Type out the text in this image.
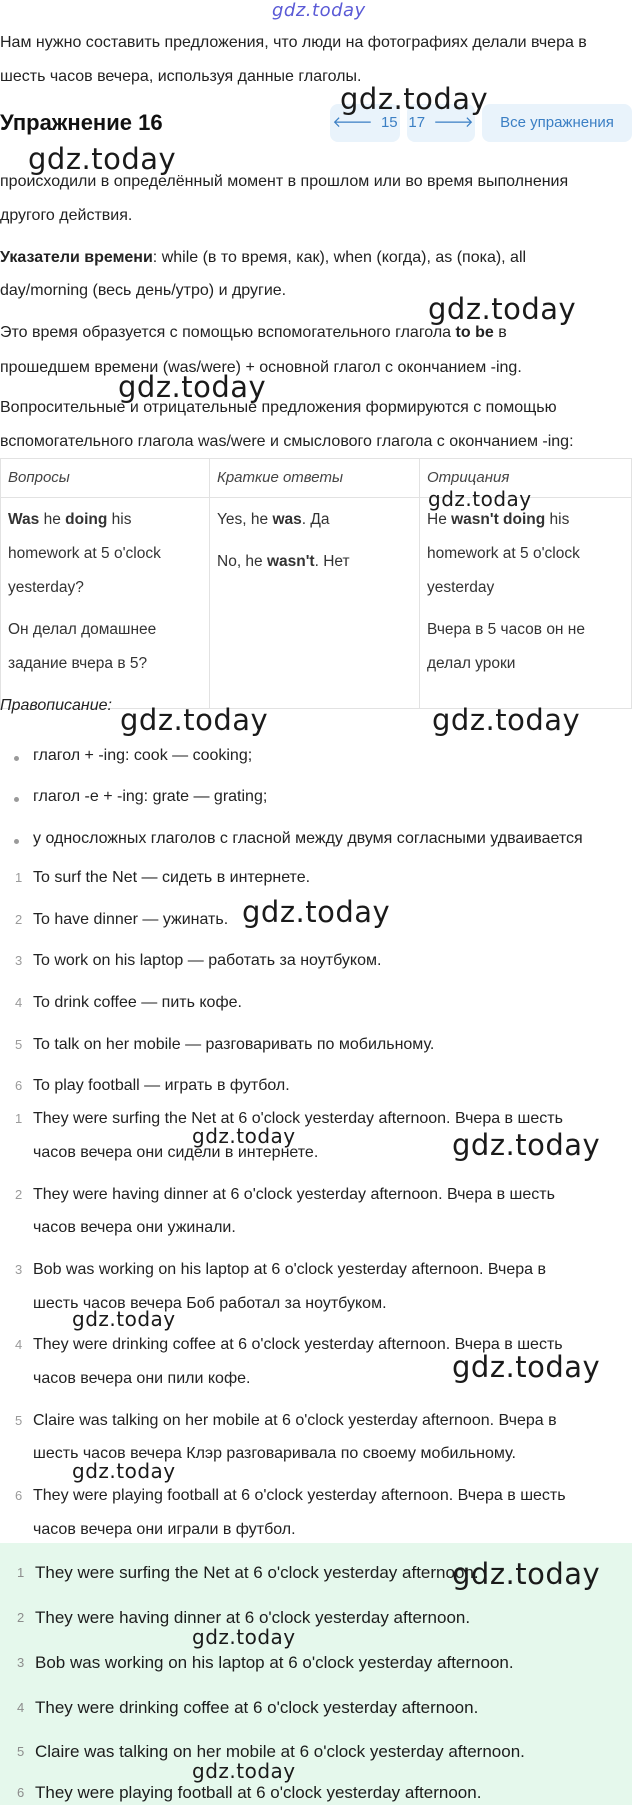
gdz.today
Нам нужно составить предложения, что люди на фотографиях делали вчера в
шесть часов вечера, используя данные глаголы.
Упражнение 16	🡐 15 17 🡒	Все упражнения
gdz.today
gdz.today
происходили в определённый момент в прошлом или во время выполнения
другого действия.
Указатели времени: while (в то время, как), when (когда), as (пока), all
day/morning (весь день/утро) и другие.
gdz.today
Это время образуется с помощью вспомогательного глагола to be в
прошедшем времени (was/were) + основной глагол с окончанием -ing.
gdz.today
Вопросительные и отрицательные предложения формируются с помощью
вспомогательного глагола was/were и смыслового глагола с окончанием -ing:
Вопросы	Краткие ответы	Отрицания

Was he doing his
homework at 5 o'clock
yesterday?
Он делал домашнее
задание вчера в 5?	Yes, he was. Да
No, he wasn't. Нет	He wasn't doing his
homework at 5 o'clock
yesterday
Вчера в 5 часов он не
делал уроки
gdz.today
Правописание: gdz.today	gdz.today
глагол + -ing: cook — cooking;
глагол -e + -ing: grate — grating;
у односложных глаголов с гласной между двумя согласными удваивается
1 To surf the Net — сидеть в интернете.
2 To have dinner — ужинать. gdz.today
3 To work on his laptop — работать за ноутбуком.
4 To drink coffee — пить кофе.
5 To talk on her mobile — разговаривать по мобильному.
6 To play football — играть в футбол.
1 They were surfing the Net at 6 o'clock yesterday afternoon. Вчера в шесть
часов вечера они сидели в интернете.
gdz.today	gdz.today
2 They were having dinner at 6 o'clock yesterday afternoon. Вчера в шесть
часов вечера они ужинали.
3 Bob was working on his laptop at 6 o'clock yesterday afternoon. Вчера в
шесть часов вечера Боб работал за ноутбуком.
gdz.today
4 They were drinking coffee at 6 o'clock yesterday afternoon. Вчера в шесть
часов вечера они пили кофе.	gdz.today
5 Claire was talking on her mobile at 6 o'clock yesterday afternoon. Вчера в
шесть часов вечера Клэр разговаривала по своему мобильному.
gdz.today
6 They were playing football at 6 o'clock yesterday afternoon. Вчера в шесть
часов вечера они играли в футбол.
1 They were surfing the Net at 6 o'clock yesterday afternoon.
gdz.today
2 They were having dinner at 6 o'clock yesterday afternoon.
gdz.today
3 Bob was working on his laptop at 6 o'clock yesterday afternoon.
4 They were drinking coffee at 6 o'clock yesterday afternoon.
5 Claire was talking on her mobile at 6 o'clock yesterday afternoon.
gdz.today
6 They were playing football at 6 o'clock yesterday afternoon.
